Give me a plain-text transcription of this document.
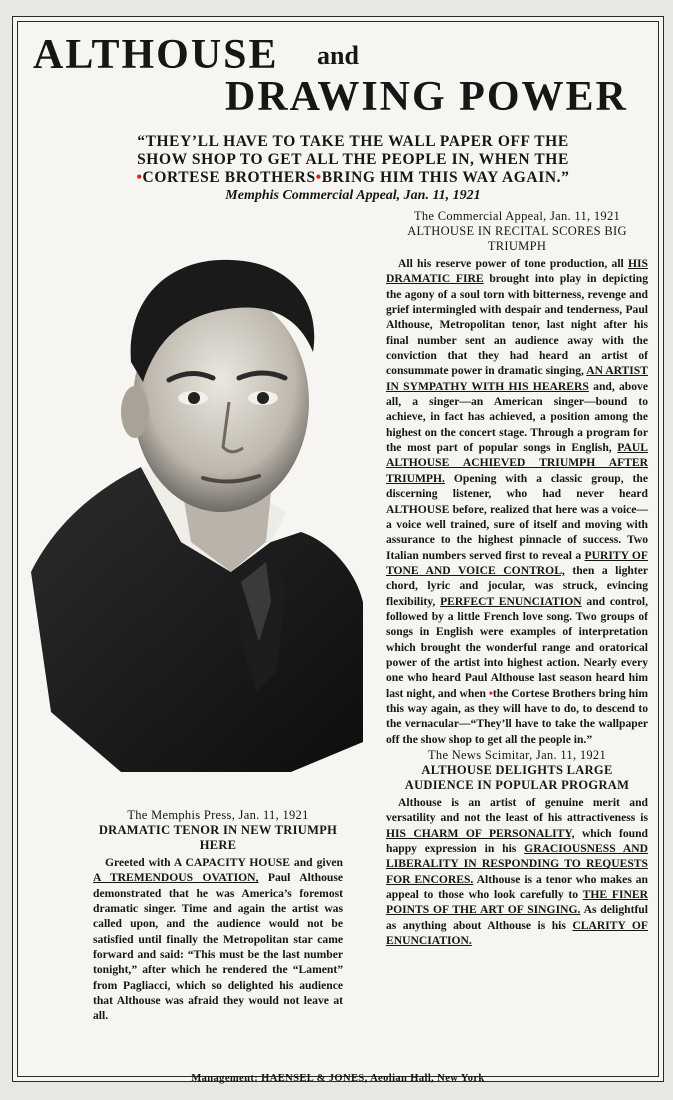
ALTHOUSE and
DRAWING POWER
“THEY’LL HAVE TO TAKE THE WALL PAPER OFF THE
SHOW SHOP TO GET ALL THE PEOPLE IN, WHEN THE
•CORTESE BROTHERS•BRING HIM THIS WAY AGAIN.”
Memphis Commercial Appeal, Jan. 11, 1921
The Commercial Appeal, Jan. 11, 1921
ALTHOUSE IN RECITAL SCORES BIG TRIUMPH
All his reserve power of tone production, all HIS DRAMATIC FIRE brought into play in depicting the agony of a soul torn with bitterness, revenge and grief intermingled with despair and tenderness, Paul Althouse, Metropolitan tenor, last night after his final number sent an audience away with the conviction that they had heard an artist of consummate power in dramatic singing, AN ARTIST IN SYMPATHY WITH HIS HEARERS and, above all, a singer—an American singer—bound to achieve, in fact has achieved, a position among the highest on the concert stage. Through a program for the most part of popular songs in English, PAUL ALTHOUSE ACHIEVED TRIUMPH AFTER TRIUMPH. Opening with a classic group, the discerning listener, who had never heard ALTHOUSE before, realized that here was a voice—a voice well trained, sure of itself and moving with assurance to the highest pinnacle of success. Two Italian numbers served first to reveal a PURITY OF TONE AND VOICE CONTROL, then a lighter chord, lyric and jocular, was struck, evincing flexibility, PERFECT ENUNCIATION and control, followed by a little French love song. Two groups of songs in English were examples of interpretation which brought the wonderful range and oratorical power of the artist into highest action. Nearly every one who heard Paul Althouse last season heard him last night, and when •the Cortese Brothers bring him this way again, as they will have to do, to descend to the vernacular—“They’ll have to take the wallpaper off the show shop to get all the people in.”
The News Scimitar, Jan. 11, 1921
ALTHOUSE DELIGHTS LARGE AUDIENCE IN POPULAR PROGRAM
Althouse is an artist of genuine merit and versatility and not the least of his attractiveness is HIS CHARM OF PERSONALITY, which found happy expression in his GRACIOUSNESS AND LIBERALITY IN RESPONDING TO REQUESTS FOR ENCORES. Althouse is a tenor who makes an appeal to those who look carefully to THE FINER POINTS OF THE ART OF SINGING. As delightful as anything about Althouse is his CLARITY OF ENUNCIATION.
The Memphis Press, Jan. 11, 1921
DRAMATIC TENOR IN NEW TRIUMPH HERE
Greeted with A CAPACITY HOUSE and given A TREMENDOUS OVATION, Paul Althouse demonstrated that he was America’s foremost dramatic singer. Time and again the artist was called upon, and the audience would not be satisfied until finally the Metropolitan star came forward and said: “This must be the last number tonight,” after which he rendered the “Lament” from Pagliacci, which so delighted his audience that Althouse was afraid they would not leave at all.
Management: HAENSEL & JONES, Aeolian Hall, New York
